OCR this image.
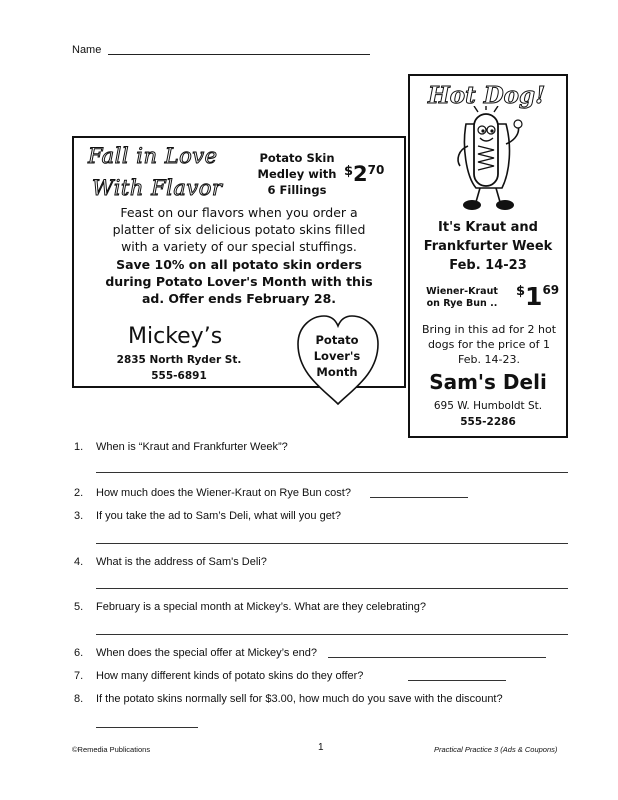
Name
Fall in Love
With Flavor
Potato Skin
Medley with
6 Fillings
$^{\$}2^{70}$
Feast on our flavors when you order a
platter of six delicious potato skins filled
with a variety of our special stuffings.
Save 10% on all potato skin orders
during Potato Lover's Month with this
ad. Offer ends February 28.
Mickey’s
2835 North Ryder St.
555-6891
Potato
Lover's
Month
Hot Dog!
It's Kraut and
Frankfurter Week
Feb. 14-23
Wiener-Kraut
on Rye Bun ..
$^{\$}1^{69}$
Bring in this ad for 2 hot
dogs for the price of 1
Feb. 14-23.
Sam's Deli
695 W. Humboldt St.
555-2286
1. When is “Kraut and Frankfurter Week”?
2. How much does the Wiener-Kraut on Rye Bun cost?
3. If you take the ad to Sam’s Deli, what will you get?
4. What is the address of Sam's Deli?
5. February is a special month at Mickey’s. What are they celebrating?
6. When does the special offer at Mickey’s end?
7. How many different kinds of potato skins do they offer?
8. If the potato skins normally sell for $3.00, how much do you save with the discount?
©Remedia Publications	1	Practical Practice 3 (Ads & Coupons)
